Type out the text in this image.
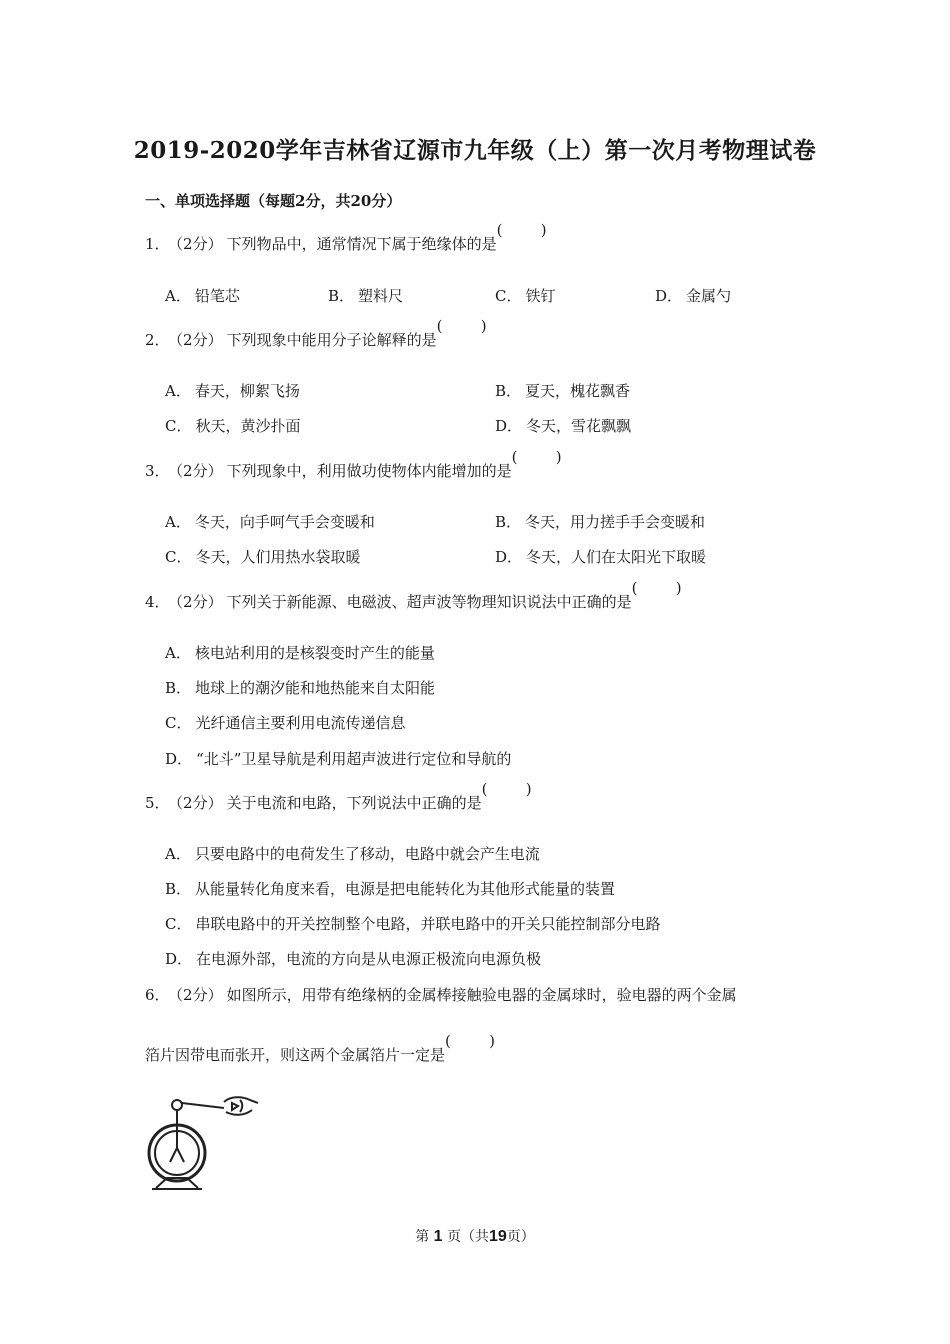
2019-2020学年吉林省辽源市九年级（上）第一次月考物理试卷
一、单项选择题（每题2分，共20分）
1． （2分） 下列物品中，通常情况下属于绝缘体的是
(	)
A． 铅笔芯	B． 塑料尺	C． 铁钉	D． 金属勺
2． （2分） 下列现象中能用分子论解释的是
(	)
A． 春天，柳絮飞扬	B． 夏天，槐花飘香
C． 秋天，黄沙扑面	D． 冬天，雪花飘飘
3． （2分） 下列现象中，利用做功使物体内能增加的是
(	)
A． 冬天，向手呵气手会变暖和	B． 冬天，用力搓手手会变暖和
C． 冬天，人们用热水袋取暖	D． 冬天，人们在太阳光下取暖
4． （2分） 下列关于新能源、电磁波、超声波等物理知识说法中正确的是
(	)
A． 核电站利用的是核裂变时产生的能量
B． 地球上的潮汐能和地热能来自太阳能
C． 光纤通信主要利用电流传递信息
D． “北斗”卫星导航是利用超声波进行定位和导航的
5． （2分） 关于电流和电路，下列说法中正确的是
(	)
A． 只要电路中的电荷发生了移动，电路中就会产生电流
B． 从能量转化角度来看，电源是把电能转化为其他形式能量的装置
C． 串联电路中的开关控制整个电路，并联电路中的开关只能控制部分电路
D． 在电源外部，电流的方向是从电源正极流向电源负极
6． （2分） 如图所示，用带有绝缘柄的金属棒接触验电器的金属球时，验电器的两个金属
箔片因带电而张开，则这两个金属箔片一定是
(	)
第 1 页（共19页）
